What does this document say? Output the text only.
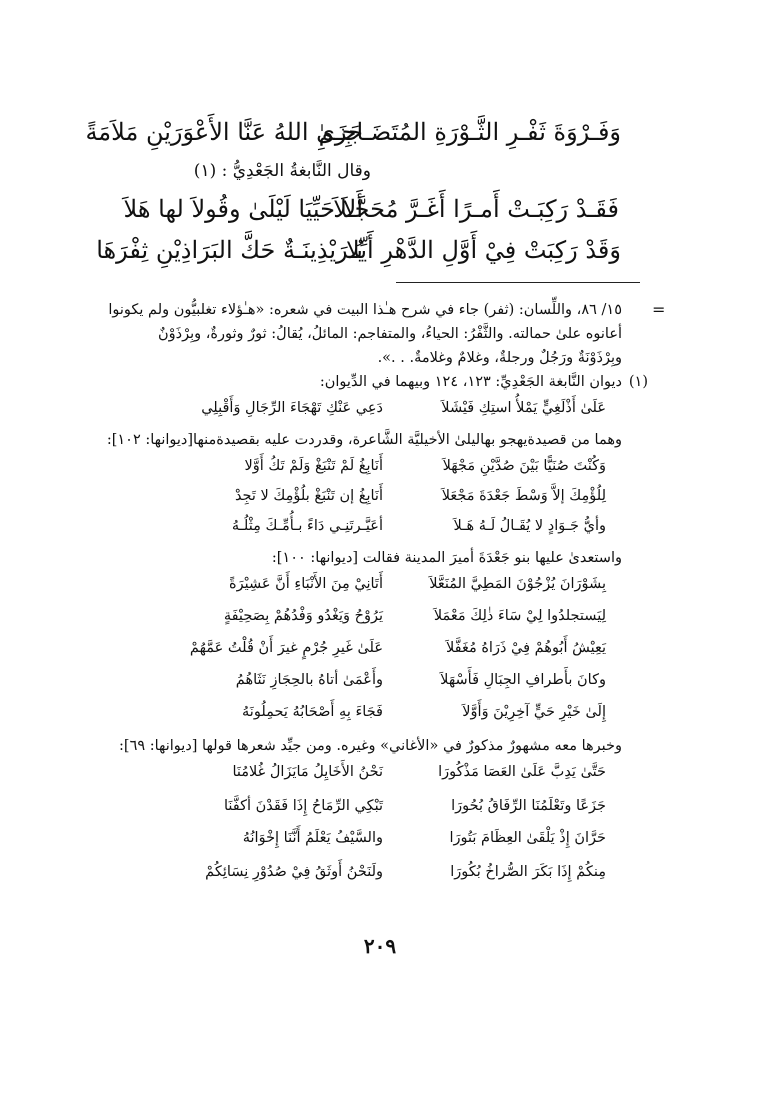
جَزَىٰ اللهُ عَنَّا الأَعْوَرَيْنِ مَلاَمَةً
وَفَـرْوَةَ ثَفْـرِ الثَّـوْرَةِ المُتَضَـاجِـمِ
وقال النَّابغةُ الجَعْدِيُّ : (١)
أَلاَ حَيِّيَا لَيْلَىٰ وقُولاَ لها هَلاَ
فَقَـدْ رَكِبَـتْ أَمـرًا أَغَـرَّ مُحَجَّـلاَ
بُـرَيْذِينَـةٌ حَكَّ البَرَاذِيْنِ ثِفْرَهَا
وَقَدْ رَكِبَتْ فِيْ أَوَّلِ الدَّهْرِ أَيِّلا
=
١٥/ ٨٦، واللِّسان: (ثفر) جاء في شرح هـٰذا البيت في شعره: «هـٰؤلاء تغلبيُّون ولم يكونوا
أعانوه علىٰ حمالته. والثَّفْرُ: الحياءُ، والمتفاجم: المائلُ، يُقالُ: ثورٌ وثورةٌ، وبِرْذَوْنٌ
وبِرْذَوْنَةٌ ورَجُلٌ ورجلةٌ، وغلامٌ وغلامةٌ. . .».
(١)
ديوان النَّابغة الجَعْدِيِّ: ١٢٣، ١٢٤ وبيهما في الدِّيوان:
دَعِي عَنْكِ تَهْجَاءَ الرِّجَالِ وَأَقْبِلِي	عَلَىٰ أَذْلَغِيٍّ يَمْلأُ استِكِ فَيْشَلاَ
وهما من قصيدةيهجو بهاليلىٰ الأخيليَّة الشَّاعرة، وقدردت عليه بقصيدةمنها[ديوانها: ١٠٢]:
أَنَابِغُ لَمْ تَنْبَغْ وَلَمْ تَكُ أَوَّلا	وَكُنْتَ صُنَيًّا بَيْنَ صُدَّيْنِ مَجْهَلاَ
أَنَابِغُ إن تَنْبَغْ بلُؤْمِكَ لا تَجِدْ	لِلُؤْمِكَ إلاَّ وَسْطَ جَعْدَةَ مَجْعَلاَ
أعَيَّـرتَنِـي دَاءً بـأُمِّـكَ مِثْلُـهُ	وأيُّ جَـوَادٍ لا يُقَـالُ لَـهُ هَـلاَ
واستعدىٰ عليها بنو جَعْدَةَ أميرَ المدينة فقالت [ديوانها: ١٠٠]:
أَتَانِيْ مِنَ الأَنْبَاءِ أَنَّ عَشِيْرَةً	بِشَوْرَانَ يُزْجُوْنَ المَطِيَّ المُنَعَّلاَ
يَرُوْحُ وَيَغْدُو وَفْدُهُمْ بِصَحِيْفَةٍ	لِيَستجلدُوا لِيْ سَاءَ ذٰلِكَ مَعْمَلاَ
عَلَىٰ غَيرِ جُرْمٍ غيرَ أَنْ قُلْتُ عَمَّهُمْ	يَعِيْشُ أَبُوهُمْ فِيْ ذَرَاهُ مُغَفَّلاَ
وأَعْمَىٰ أتاهُ بالحِجَازِ نَثَاهُمُ	وكانَ بأَطرافِ الجِبَالِ فَأَسْهَلاَ
فَجَاءَ بِهِ أَصْحَابُهُ يَحمِلُونَهُ	إِلَىٰ خَيْرِ حَيٍّ آخِرِيْنَ وَأَوَّلاَ
وخبرها معه مشهورٌ مذكورٌ في «الأغاني» وغيره. ومن جيِّد شعرها قولها [ديوانها: ٦٩]:
نَحْنُ الأَخَايِلُ مَايَزَالُ غُلامُنَا	حَتَّىٰ يَدِبَّ عَلَىٰ العَصَا مَذْكُورَا
تَبْكِي الرِّمَاحُ إِذَا فَقَدْنَ أكفَّنَا	جَزَعًا وتَعْلَمُنَا الرِّفَاقُ بُحُورَا
والسَّيْفُ يَعْلَمُ أَنَّنَا إِخْوَانُهُ	حَرَّانَ إِذْ يَلْقَىٰ العِظَامَ بَتُورَا
ولَنَحْنُ أَوثَقُ فِيْ صُدُوْرِ نِسَائِكُمْ	مِنكُمْ إِذَا بَكَرَ الصُّراخُ بُكُورَا
٢٠٩
